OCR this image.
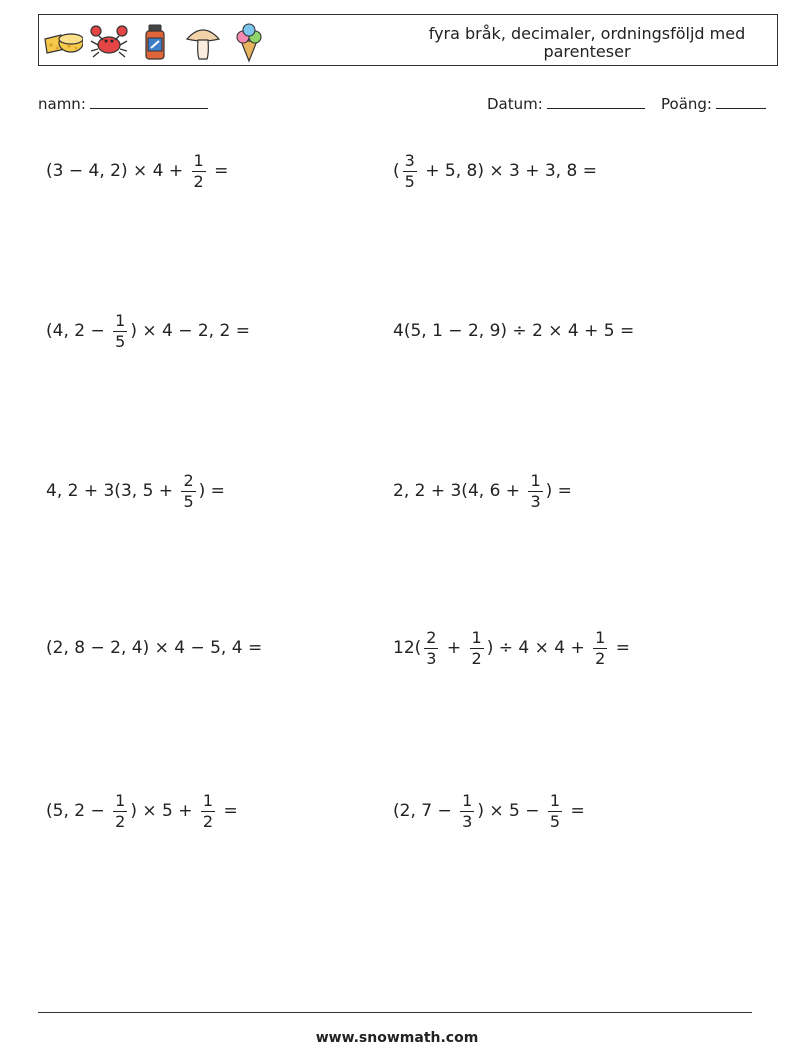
fyra bråk, decimaler, ordningsföljd med parenteser
namn:	Datum:	Poäng:
(3 − 4, $2) \times 4 + \frac{1}{2}$ =	( $\frac{3}{5} + 5$, 8) × 3 + 3, 8 =
(4, $2 - \frac{1}{5}$ ) × 4 − 2, 2 =	4(5, 1 − 2, 9) ÷ 2 × 4 + 5 =
4, 2 + 3(3, $5 + \frac{2}{5}$ ) =	2, 2 + 3(4, $6 + \frac{1}{3}$ ) =
(2, 8 − 2, 4) × 4 − 5, 4 =	$12( \frac{2}{3} + \frac{1}{2}$ ) ÷ $4 \times 4 + \frac{1}{2}$ =
(5, $2 - \frac{1}{2}$ ) × $5 + \frac{1}{2}$ =	(2, $7 - \frac{1}{3}$ ) × $5 - \frac{1}{5}$ =
www.snowmath.com
